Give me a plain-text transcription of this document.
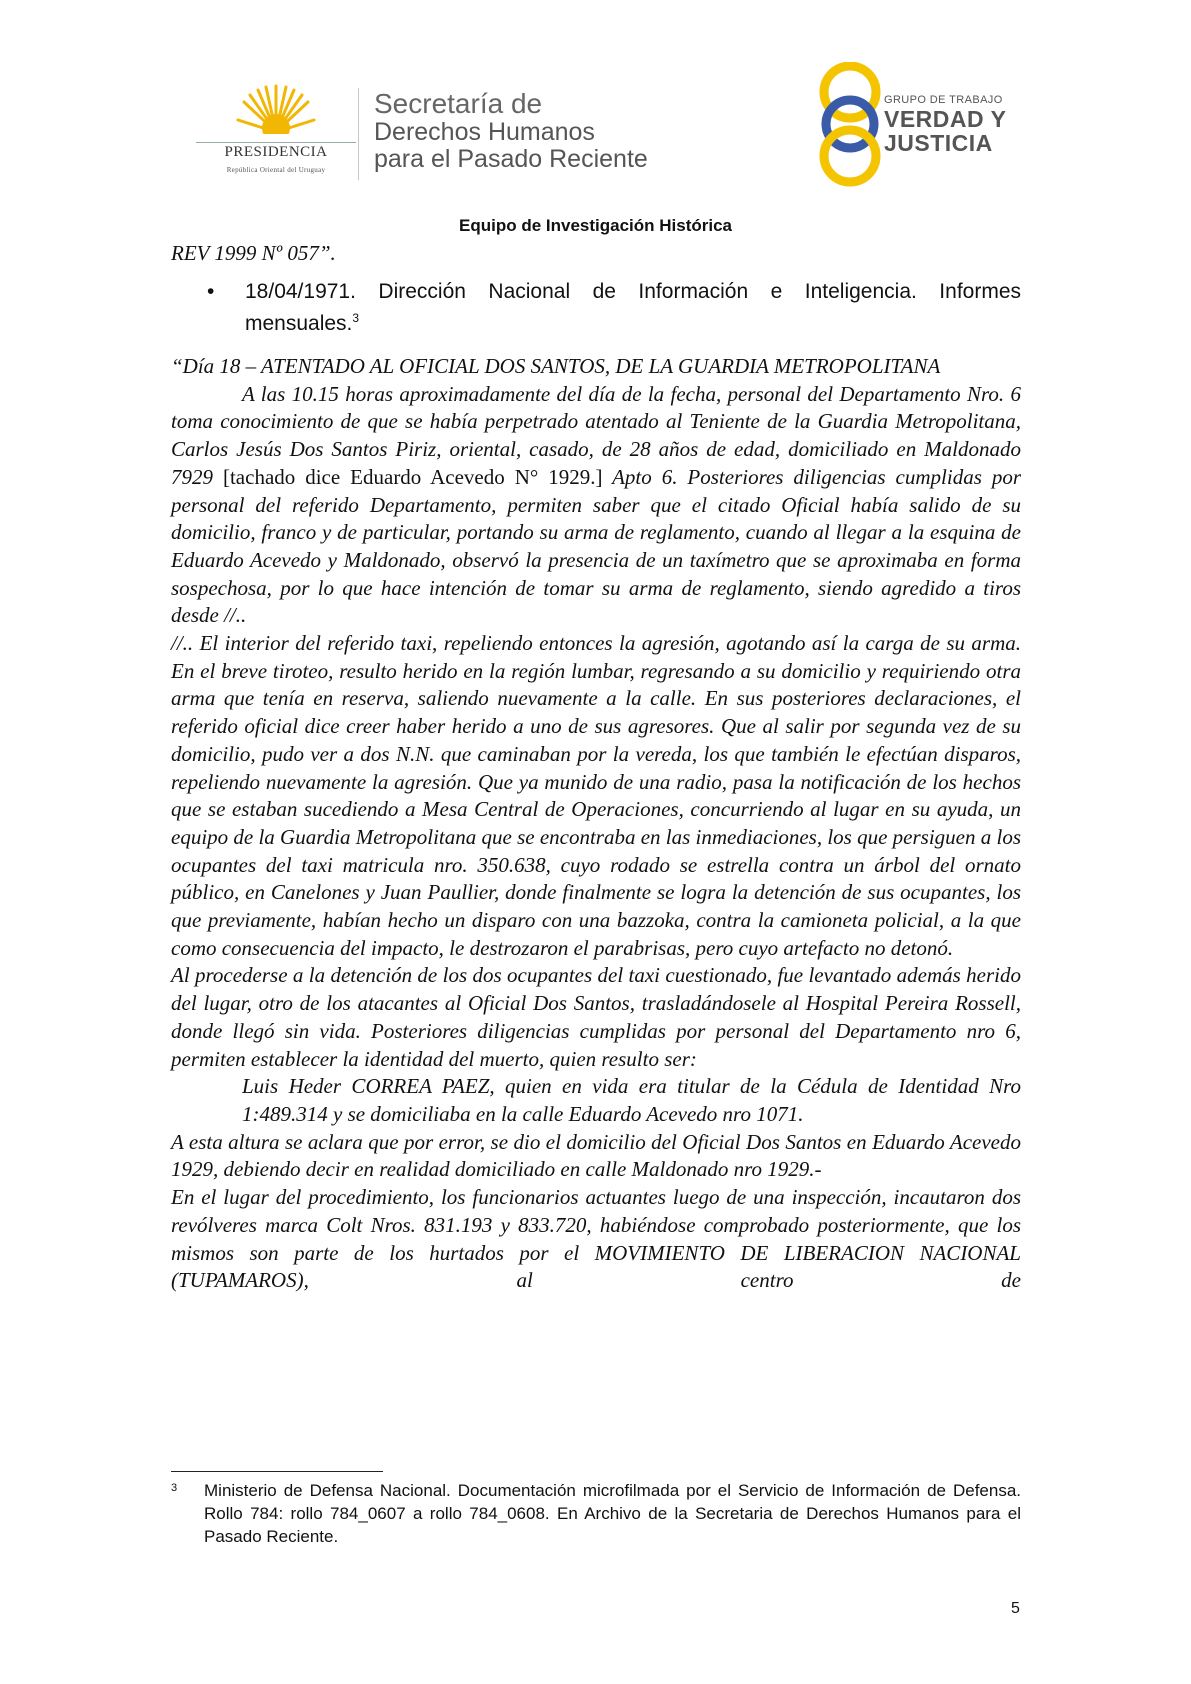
PRESIDENCIA
República Oriental del Uruguay
Secretaría de
Derechos Humanos
para el Pasado Reciente
GRUPO DE TRABAJO
VERDAD Y
JUSTICIA
Equipo de Investigación Histórica

REV 1999 Nº 057”.

• 18/04/1971. Dirección Nacional de Información e Inteligencia. Informes mensuales.$^3$

“Día 18 – ATENTADO AL OFICIAL DOS SANTOS, DE LA GUARDIA METROPOLITANA

A las 10.15 horas aproximadamente del día de la fecha, personal del Departamento Nro. 6 toma conocimiento de que se había perpetrado atentado al Teniente de la Guardia Metropolitana, Carlos Jesús Dos Santos Piriz, oriental, casado, de 28 años de edad, domiciliado en Maldonado 7929 [tachado dice Eduardo Acevedo N° 1929.] Apto 6. Posteriores diligencias cumplidas por personal del referido Departamento, permiten saber que el citado Oficial había salido de su domicilio, franco y de particular, portando su arma de reglamento, cuando al llegar a la esquina de Eduardo Acevedo y Maldonado, observó la presencia de un taxímetro que se aproximaba en forma sospechosa, por lo que hace intención de tomar su arma de reglamento, siendo agredido a tiros desde //..

//.. El interior del referido taxi, repeliendo entonces la agresión, agotando así la carga de su arma. En el breve tiroteo, resulto herido en la región lumbar, regresando a su domicilio y requiriendo otra arma que tenía en reserva, saliendo nuevamente a la calle. En sus posteriores declaraciones, el referido oficial dice creer haber herido a uno de sus agresores. Que al salir por segunda vez de su domicilio, pudo ver a dos N.N. que caminaban por la vereda, los que también le efectúan disparos, repeliendo nuevamente la agresión. Que ya munido de una radio, pasa la notificación de los hechos que se estaban sucediendo a Mesa Central de Operaciones, concurriendo al lugar en su ayuda, un equipo de la Guardia Metropolitana que se encontraba en las inmediaciones, los que persiguen a los ocupantes del taxi matricula nro. 350.638, cuyo rodado se estrella contra un árbol del ornato público, en Canelones y Juan Paullier, donde finalmente se logra la detención de sus ocupantes, los que previamente, habían hecho un disparo con una bazzoka, contra la camioneta policial, a la que como consecuencia del impacto, le destrozaron el parabrisas, pero cuyo artefacto no detonó.

Al procederse a la detención de los dos ocupantes del taxi cuestionado, fue levantado además herido del lugar, otro de los atacantes al Oficial Dos Santos, trasladándosele al Hospital Pereira Rossell, donde llegó sin vida. Posteriores diligencias cumplidas por personal del Departamento nro 6, permiten establecer la identidad del muerto, quien resulto ser:

Luis Heder CORREA PAEZ, quien en vida era titular de la Cédula de Identidad Nro 1:489.314 y se domiciliaba en la calle Eduardo Acevedo nro 1071.

A esta altura se aclara que por error, se dio el domicilio del Oficial Dos Santos en Eduardo Acevedo 1929, debiendo decir en realidad domiciliado en calle Maldonado nro 1929.-

En el lugar del procedimiento, los funcionarios actuantes luego de una inspección, incautaron dos revólveres marca Colt Nros. 831.193 y 833.720, habiéndose comprobado posteriormente, que los mismos son parte de los hurtados por el MOVIMIENTO DE LIBERACION NACIONAL (TUPAMAROS), al centro de

3 Ministerio de Defensa Nacional. Documentación microfilmada por el Servicio de Información de Defensa. Rollo 784: rollo 784_0607 a rollo 784_0608. En Archivo de la Secretaria de Derechos Humanos para el Pasado Reciente.
5
